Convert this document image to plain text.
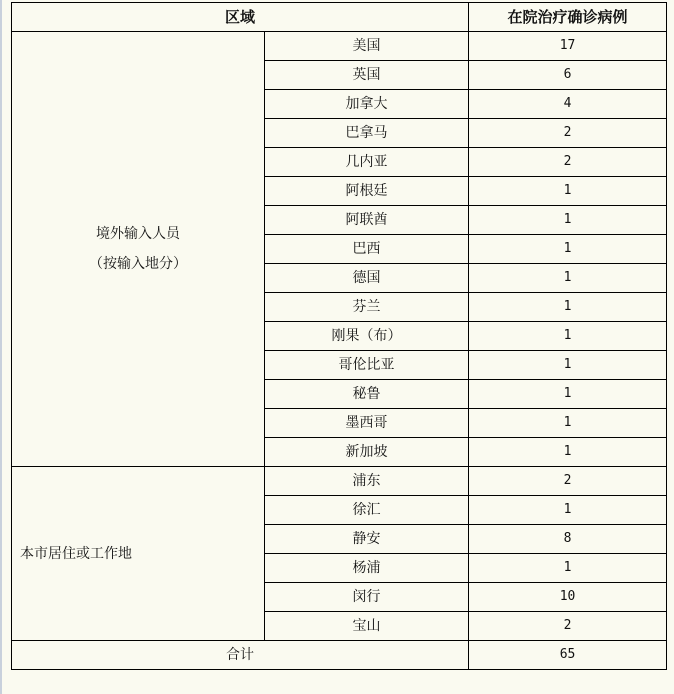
区域		在院治疗确诊病例

境外输入人员
（按输入地分）	美国	17
	英国	6
	加拿大	4
	巴拿马	2
	几内亚	2
	阿根廷	1
	阿联酋	1
	巴西	1
	德国	1
	芬兰	1
	刚果（布）	1
	哥伦比亚	1
	秘鲁	1
	墨西哥	1
	新加坡	1
本市居住或工作地	浦东	2
	徐汇	1
	静安	8
	杨浦	1
	闵行	10
	宝山	2
合计		65
